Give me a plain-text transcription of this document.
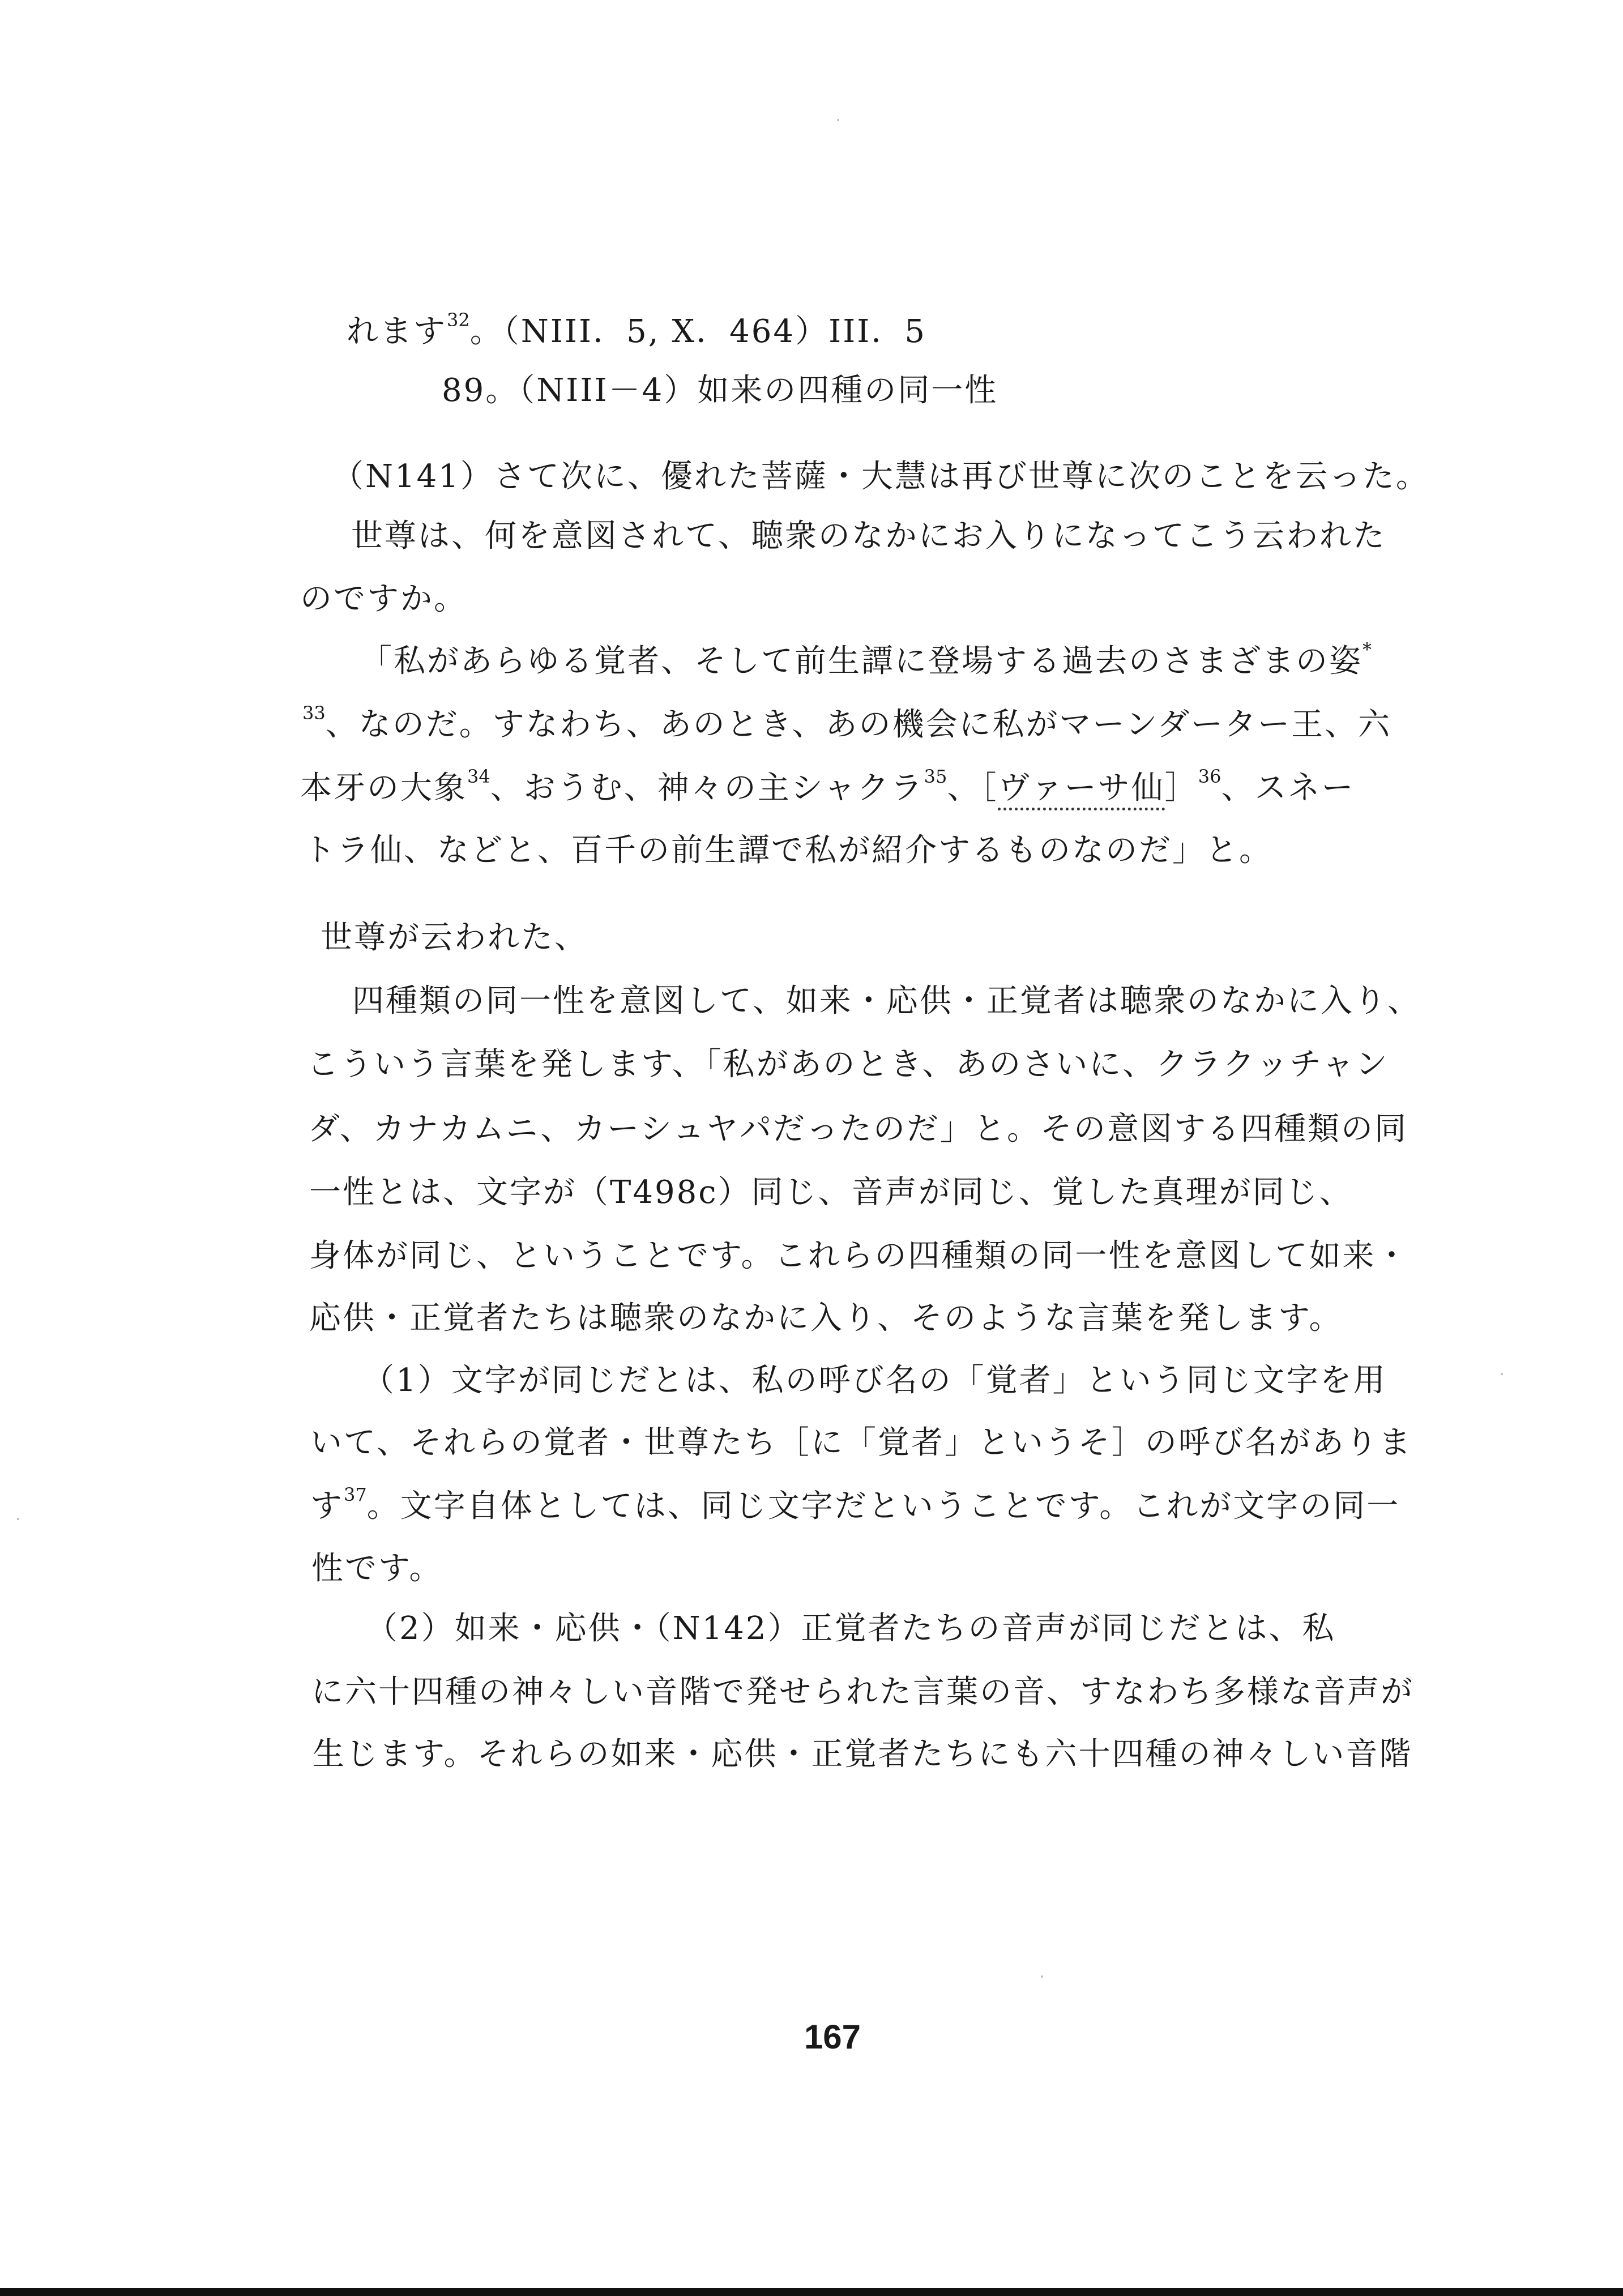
れます$^{32}$。（NIII．5, X．464）III．5
89。（NIII－4）如来の四種の同一性
（N141）さて次に、優れた菩薩・大慧は再び世尊に次のことを云った。
世尊は、何を意図されて、聴衆のなかにお入りになってこう云われた
のですか。
「私があらゆる覚者、そして前生譚に登場する過去のさまざまの姿*
$^{33}$、なのだ。すなわち、あのとき、あの機会に私がマーンダーター王、六
本牙の大象$^{34}$、おうむ、神々の主シャクラ$^{35}$、［ヴァーサ仙］$^{36}$、スネー
トラ仙、などと、百千の前生譚で私が紹介するものなのだ」と。
世尊が云われた、
四種類の同一性を意図して、如来・応供・正覚者は聴衆のなかに入り、
こういう言葉を発します、「私があのとき、あのさいに、クラクッチャン
ダ、カナカムニ、カーシュヤパだったのだ」と。その意図する四種類の同
一性とは、文字が（T498c）同じ、音声が同じ、覚した真理が同じ、
身体が同じ、ということです。これらの四種類の同一性を意図して如来・
応供・正覚者たちは聴衆のなかに入り、そのような言葉を発します。
（1）文字が同じだとは、私の呼び名の「覚者」という同じ文字を用
いて、それらの覚者・世尊たち［に「覚者」というそ］の呼び名がありま
す$^{37}$。文字自体としては、同じ文字だということです。これが文字の同一
性です。
（2）如来・応供・（N142）正覚者たちの音声が同じだとは、私
に六十四種の神々しい音階で発せられた言葉の音、すなわち多様な音声が
生じます。それらの如来・応供・正覚者たちにも六十四種の神々しい音階
167
